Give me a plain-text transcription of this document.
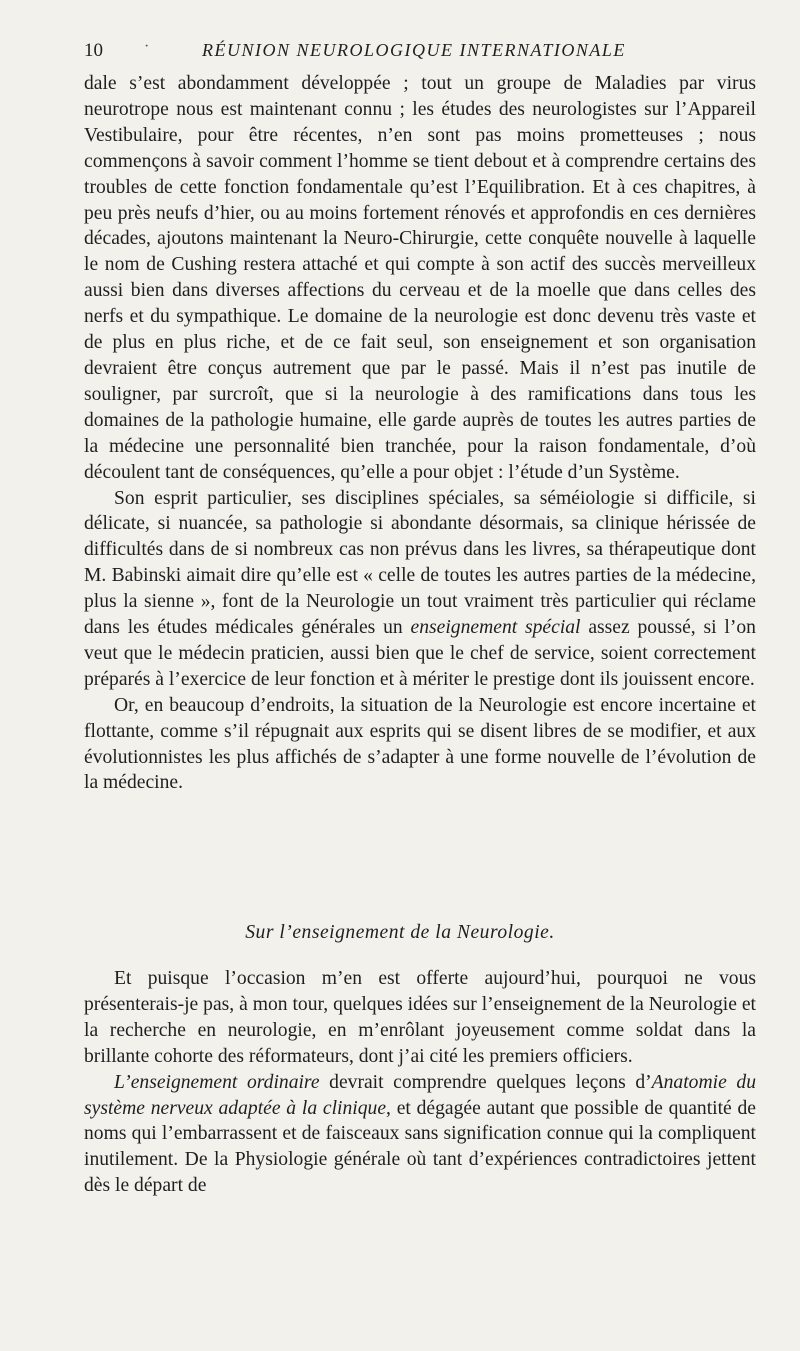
10	·	RÉUNION NEUROLOGIQUE INTERNATIONALE

dale s’est abondamment développée ; tout un groupe de Maladies par virus neurotrope nous est maintenant connu ; les études des neurologistes sur l’Appareil Vestibulaire, pour être récentes, n’en sont pas moins prometteuses ; nous commençons à savoir comment l’homme se tient debout et à comprendre certains des troubles de cette fonction fondamentale qu’est l’Equilibration. Et à ces chapitres, à peu près neufs d’hier, ou au moins fortement rénovés et approfondis en ces dernières décades, ajoutons maintenant la Neuro-Chirurgie, cette conquête nouvelle à laquelle le nom de Cushing restera attaché et qui compte à son actif des succès merveilleux aussi bien dans diverses affections du cerveau et de la moelle que dans celles des nerfs et du sympathique. Le domaine de la neurologie est donc devenu très vaste et de plus en plus riche, et de ce fait seul, son enseignement et son organisation devraient être conçus autrement que par le passé. Mais il n’est pas inutile de souligner, par surcroît, que si la neurologie à des ramifications dans tous les domaines de la pathologie humaine, elle garde auprès de toutes les autres parties de la médecine une personnalité bien tranchée, pour la raison fondamentale, d’où découlent tant de conséquences, qu’elle a pour objet : l’étude d’un Système.

Son esprit particulier, ses disciplines spéciales, sa séméiologie si difficile, si délicate, si nuancée, sa pathologie si abondante désormais, sa clinique hérissée de difficultés dans de si nombreux cas non prévus dans les livres, sa thérapeutique dont M. Babinski aimait dire qu’elle est « celle de toutes les autres parties de la médecine, plus la sienne », font de la Neurologie un tout vraiment très particulier qui réclame dans les études médicales générales un enseignement spécial assez poussé, si l’on veut que le médecin praticien, aussi bien que le chef de service, soient correctement préparés à l’exercice de leur fonction et à mériter le prestige dont ils jouissent encore.

Or, en beaucoup d’endroits, la situation de la Neurologie est encore incertaine et flottante, comme s’il répugnait aux esprits qui se disent libres de se modifier, et aux évolutionnistes les plus affichés de s’adapter à une forme nouvelle de l’évolution de la médecine.

Sur l’enseignement de la Neurologie.

Et puisque l’occasion m’en est offerte aujourd’hui, pourquoi ne vous présenterais-je pas, à mon tour, quelques idées sur l’enseignement de la Neurologie et la recherche en neurologie, en m’enrôlant joyeusement comme soldat dans la brillante cohorte des réformateurs, dont j’ai cité les premiers officiers.

L’enseignement ordinaire devrait comprendre quelques leçons d’Anatomie du système nerveux adaptée à la clinique, et dégagée autant que possible de quantité de noms qui l’embarrassent et de faisceaux sans signification connue qui la compliquent inutilement. De la Physiologie générale où tant d’expériences contradictoires jettent dès le départ de
